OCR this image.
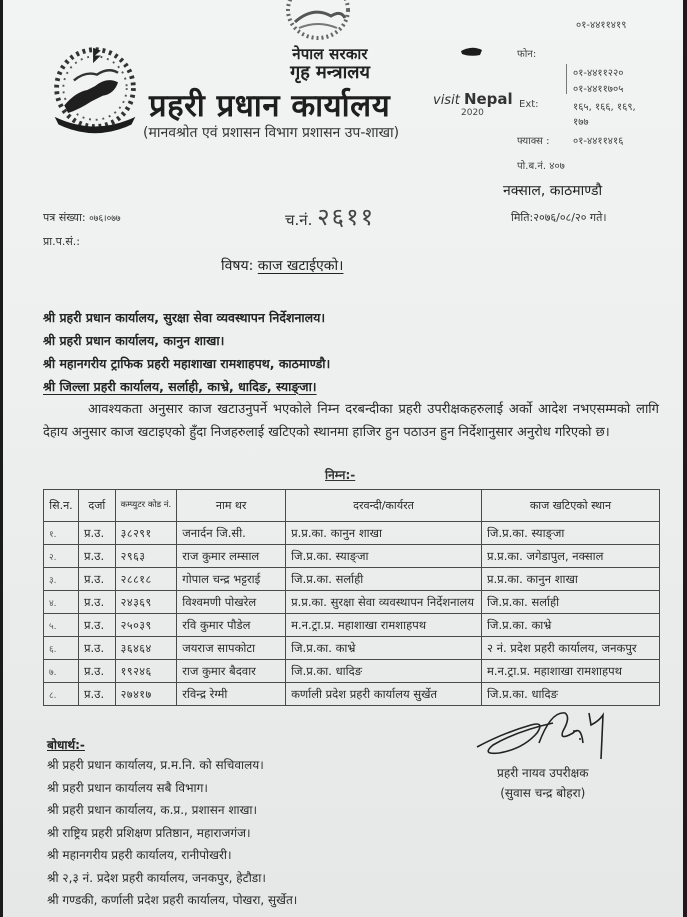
नेपाल सरकार
गृह मन्त्रालय
प्रहरी प्रधान कार्यालय
(मानवश्रोत एवं प्रशासन विभाग प्रशासन उप-शाखा)
visit Nepal
2020
०१-४४११४१९
फोन:
०१-४४११२२०
०१-४४११७०५
Ext:	१६५, १६६, १६९,
१७७
फ्याक्स : ०१-४४११४१६
पो.ब.नं. ४०७
नक्साल, काठमाण्डौ
पत्र संख्या: ०७६।०७७	च.नं. २६११	मिति:२०७६/०८/२० गते।
प्रा.प.सं.:
विषय: काज खटाईएको।
श्री प्रहरी प्रधान कार्यालय, सुरक्षा सेवा व्यवस्थापन निर्देशनालय।
श्री प्रहरी प्रधान कार्यालय, कानुन शाखा।
श्री महानगरीय ट्राफिक प्रहरी महाशाखा रामशाहपथ, काठमाण्डौ।
श्री जिल्ला प्रहरी कार्यालय, सर्लाही, काभ्रे, धादिङ, स्याङ्जा।
आवश्यकता अनुसार काज खटाउनुपर्ने भएकोले निम्न दरबन्दीका प्रहरी उपरीक्षकहरुलाई अर्को आदेश नभएसम्मको लागि देहाय अनुसार काज खटाइएको हुँदा निजहरुलाई खटिएको स्थानमा हाजिर हुन पठाउन हुन निर्देशानुसार अनुरोध गरिएको छ।
निम्न:-
सि.न.	दर्जा	कम्प्युटर कोड नं.	नाम थर	दरवन्दी/कार्यरत	काज खटिएको स्थान
१.	प्र.उ.	३८२९१	जनार्दन जि.सी.	प्र.प्र.का. कानुन शाखा	जि.प्र.का. स्याङ्जा
२.	प्र.उ.	२९६३	राज कुमार लम्साल	जि.प्र.का. स्याङ्जा	प्र.प्र.का. जगेडापुल, नक्साल
३.	प्र.उ.	२८८१८	गोपाल चन्द्र भट्टराई	जि.प्र.का. सर्लाही	प्र.प्र.का. कानुन शाखा
४.	प्र.उ.	२४३६९	विश्वमणी पोखरेल	प्र.प्र.का. सुरक्षा सेवा व्यवस्थापन निर्देशनालय	जि.प्र.का. सर्लाही
५.	प्र.उ.	२५०३९	रवि कुमार पौडेल	म.न.ट्रा.प्र. महाशाखा रामशाहपथ	जि.प्र.का. काभ्रे
६.	प्र.उ.	३६४६४	जयराज सापकोटा	जि.प्र.का. काभ्रे	२ नं. प्रदेश प्रहरी कार्यालय, जनकपुर
७.	प्र.उ.	१९२४६	राज कुमार बैदवार	जि.प्र.का. धादिङ	म.न.ट्रा.प्र. महाशाखा रामशाहपथ
८.	प्र.उ.	२७४१७	रविन्द्र रेग्मी	कर्णाली प्रदेश प्रहरी कार्यालय सुर्खेत	जि.प्र.का. धादिङ
प्रहरी नायव उपरीक्षक
(सुवास चन्द्र बोहरा)
बोधार्थ:-
श्री प्रहरी प्रधान कार्यालय, प्र.म.नि. को सचिवालय।
श्री प्रहरी प्रधान कार्यालय सबै विभाग।
श्री प्रहरी प्रधान कार्यालय, क.प्र., प्रशासन शाखा।
श्री राष्ट्रिय प्रहरी प्रशिक्षण प्रतिष्ठान, महाराजगंज।
श्री महानगरीय प्रहरी कार्यालय, रानीपोखरी।
श्री २,३ नं. प्रदेश प्रहरी कार्यालय, जनकपुर, हेटौडा।
श्री गण्डकी, कर्णाली प्रदेश प्रहरी कार्यालय, पोखरा, सुर्खेत।
